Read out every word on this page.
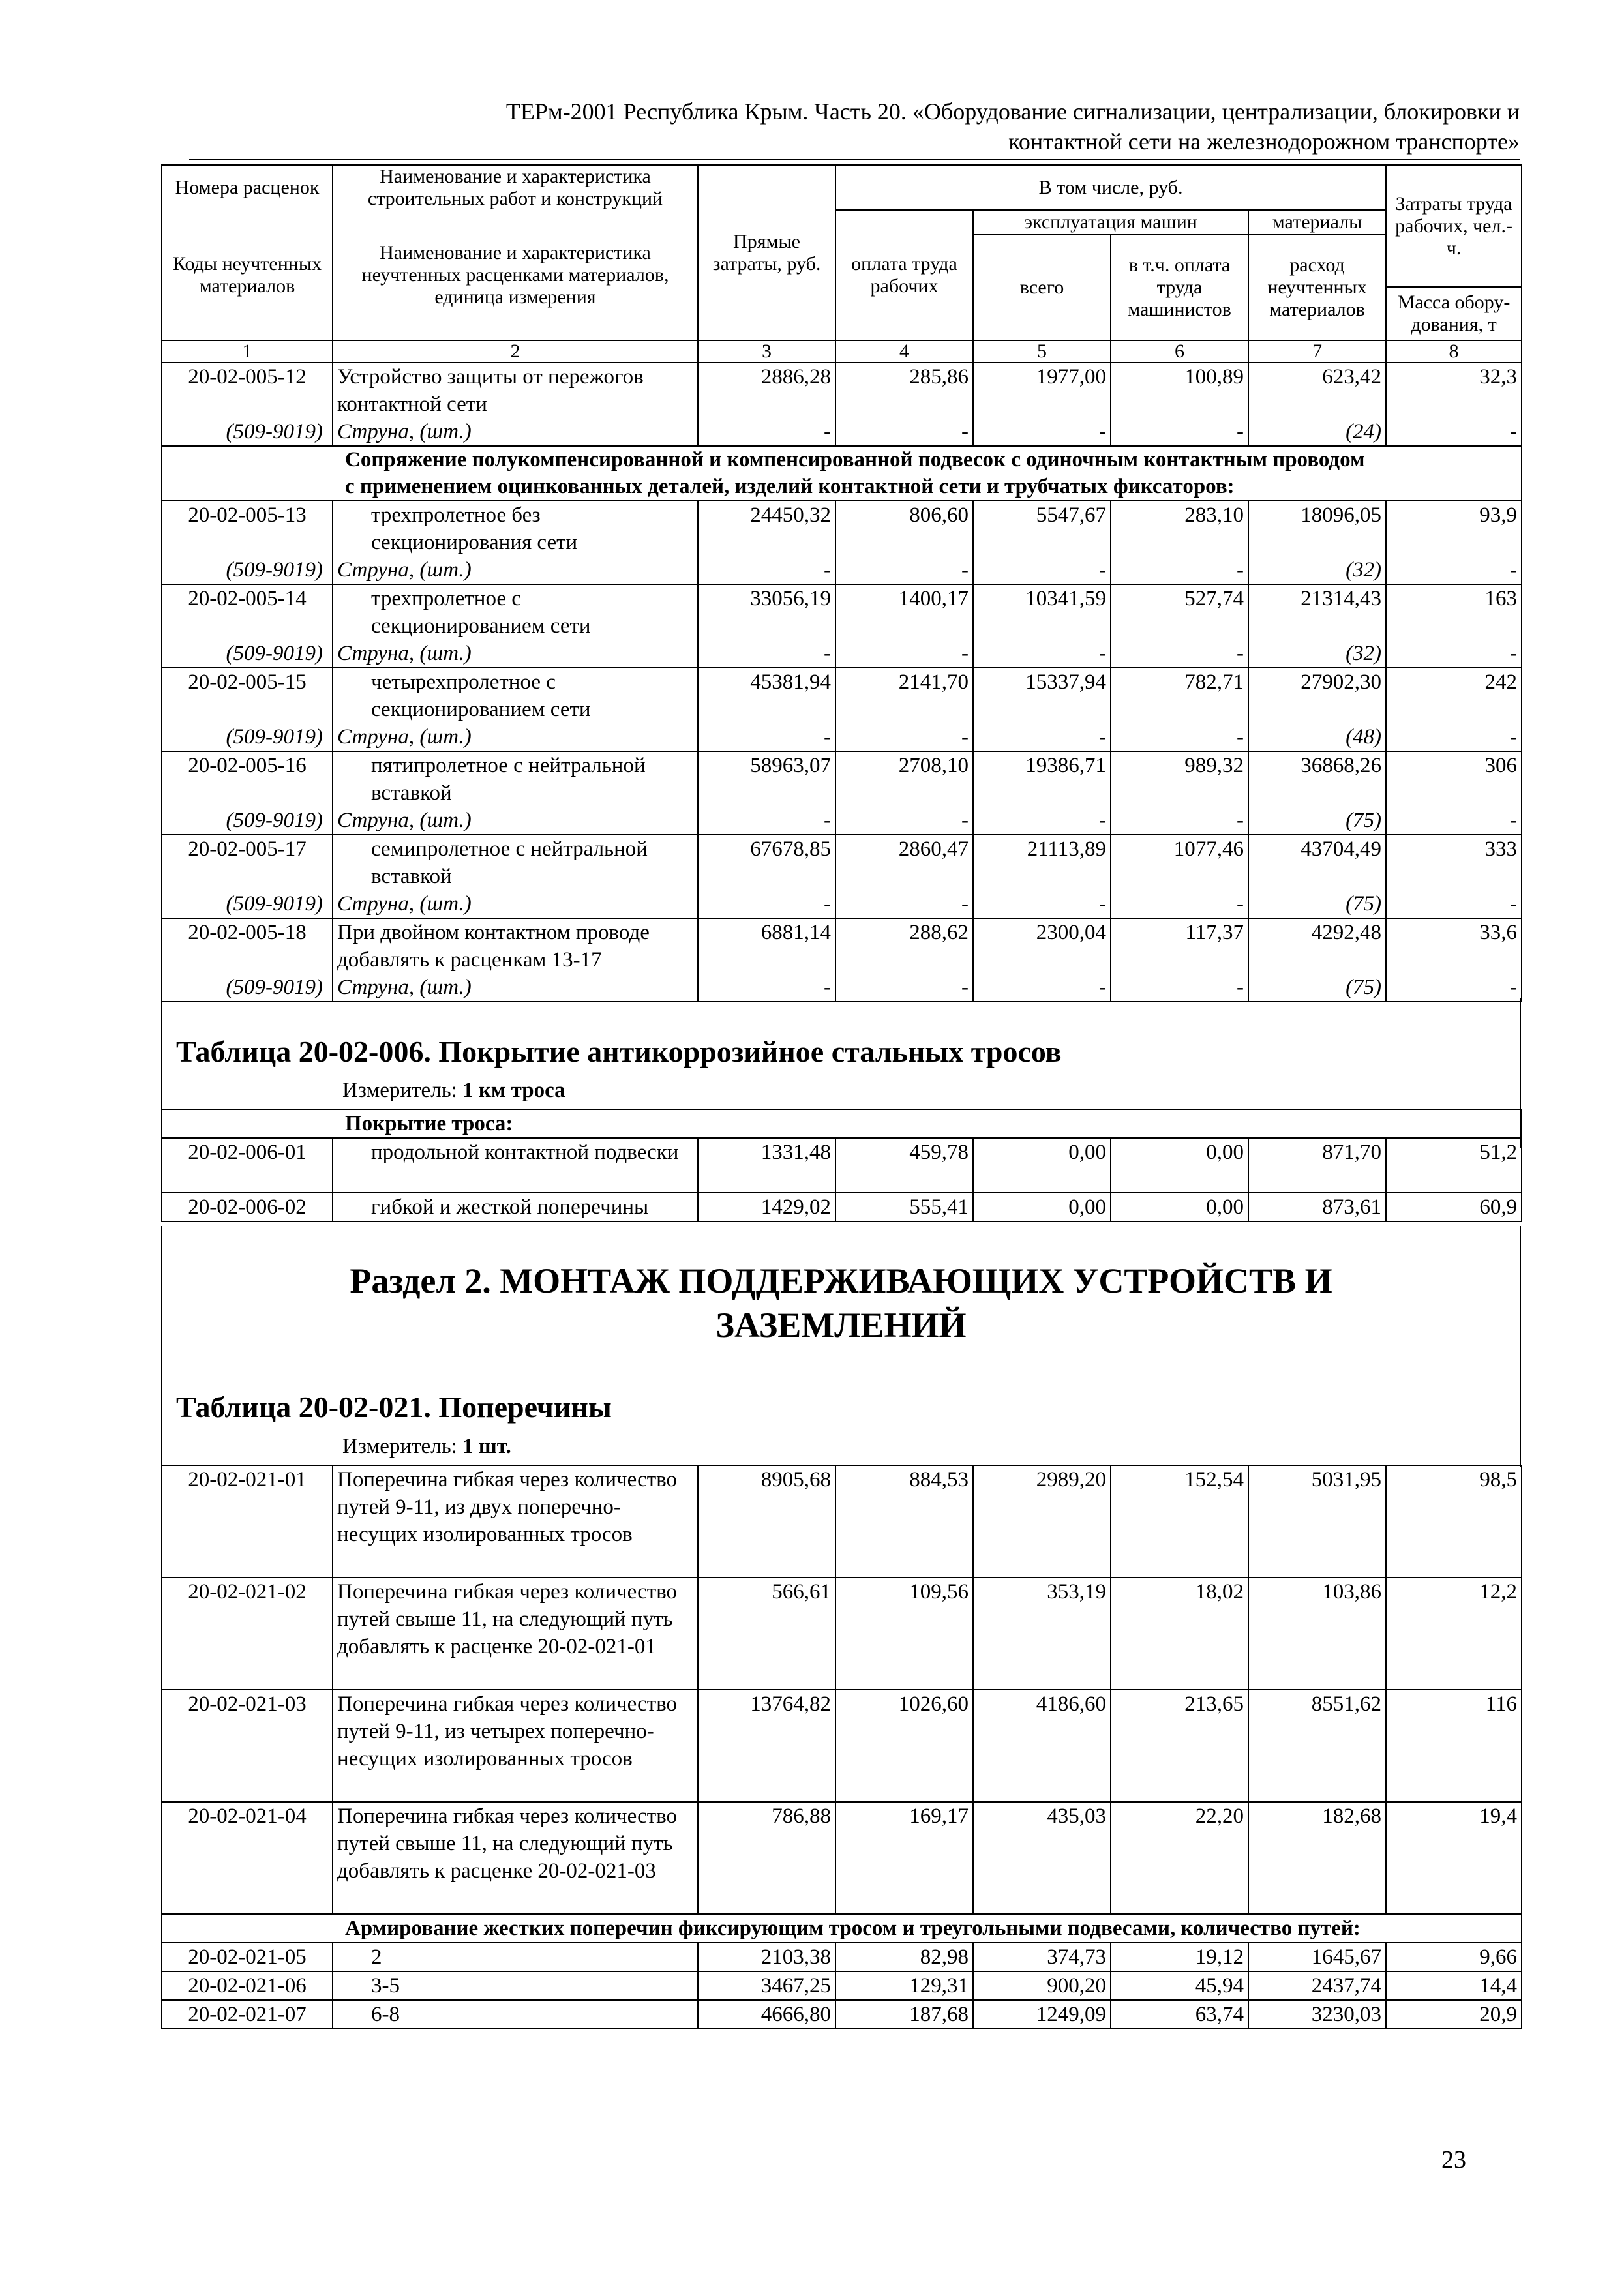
ТЕРм-2001 Республика Крым. Часть 20. «Оборудование сигнализации, централизации, блокировки и
контактной сети на железнодорожном транспорте»
Номера расценок	Наименование и характеристика строительных работ и конструкций	Прямые затраты, руб.	В том числе, руб.				Затраты труда рабочих, чел.-ч.
Коды неучтенных материалов	Наименование и характеристика неучтенных расценками материалов, единица измерения		оплата труда рабочих	эксплуатация машин		материалы	
				всего	в т.ч. оплата труда машинистов	расход неучтенных материалов	
							Масса обору-дования, т
1	2	3	4	5	6	7	8
20-02-005-12	Устройство защиты от пережогов контактной сети	2886,28	285,86	1977,00	100,89	623,42	32,3
(509-9019)	Струна, (шт.)	-	-	-	-	(24)	-

Сопряжение полукомпенсированной и компенсированной подвесок с одиночным контактным проводом
с применением оцинкованных деталей, изделий контактной сети и трубчатых фиксаторов:							

20-02-005-13	трехпролетное без секционирования сети	24450,32	806,60	5547,67	283,10	18096,05	93,9
(509-9019)	Струна, (шт.)	-	-	-	-	(32)	-
20-02-005-14	трехпролетное с секционированием сети	33056,19	1400,17	10341,59	527,74	21314,43	163
(509-9019)	Струна, (шт.)	-	-	-	-	(32)	-
20-02-005-15	четырехпролетное с секционированием сети	45381,94	2141,70	15337,94	782,71	27902,30	242
(509-9019)	Струна, (шт.)	-	-	-	-	(48)	-
20-02-005-16	пятипролетное с нейтральной вставкой	58963,07	2708,10	19386,71	989,32	36868,26	306
(509-9019)	Струна, (шт.)	-	-	-	-	(75)	-
20-02-005-17	семипролетное с нейтральной вставкой	67678,85	2860,47	21113,89	1077,46	43704,49	333
(509-9019)	Струна, (шт.)	-	-	-	-	(75)	-
20-02-005-18	При двойном контактном проводе добавлять к расценкам 13-17	6881,14	288,62	2300,04	117,37	4292,48	33,6
(509-9019)	Струна, (шт.)	-	-	-	-	(75)	-
Таблица 20-02-006. Покрытие антикоррозийное стальных тросов
Измеритель: 1 км троса
Покрытие троса:							
20-02-006-01	продольной контактной подвески	1331,48	459,78	0,00	0,00	871,70	51,2
20-02-006-02	гибкой и жесткой поперечины	1429,02	555,41	0,00	0,00	873,61	60,9
Раздел 2. МОНТАЖ ПОДДЕРЖИВАЮЩИХ УСТРОЙСТВ И
ЗАЗЕМЛЕНИЙ
Таблица 20-02-021. Поперечины
Измеритель: 1 шт.
20-02-021-01	Поперечина гибкая через количество путей 9-11, из двух поперечно-несущих изолированных тросов	8905,68	884,53	2989,20	152,54	5031,95	98,5
20-02-021-02	Поперечина гибкая через количество путей свыше 11, на следующий путь добавлять к расценке 20-02-021-01	566,61	109,56	353,19	18,02	103,86	12,2
20-02-021-03	Поперечина гибкая через количество путей 9-11, из четырех поперечно-несущих изолированных тросов	13764,82	1026,60	4186,60	213,65	8551,62	116
20-02-021-04	Поперечина гибкая через количество путей свыше 11, на следующий путь добавлять к расценке 20-02-021-03	786,88	169,17	435,03	22,20	182,68	19,4
Армирование жестких поперечин фиксирующим тросом и треугольными подвесами, количество путей:							
20-02-021-05	2	2103,38	82,98	374,73	19,12	1645,67	9,66
20-02-021-06	3-5	3467,25	129,31	900,20	45,94	2437,74	14,4
20-02-021-07	6-8	4666,80	187,68	1249,09	63,74	3230,03	20,9
23
